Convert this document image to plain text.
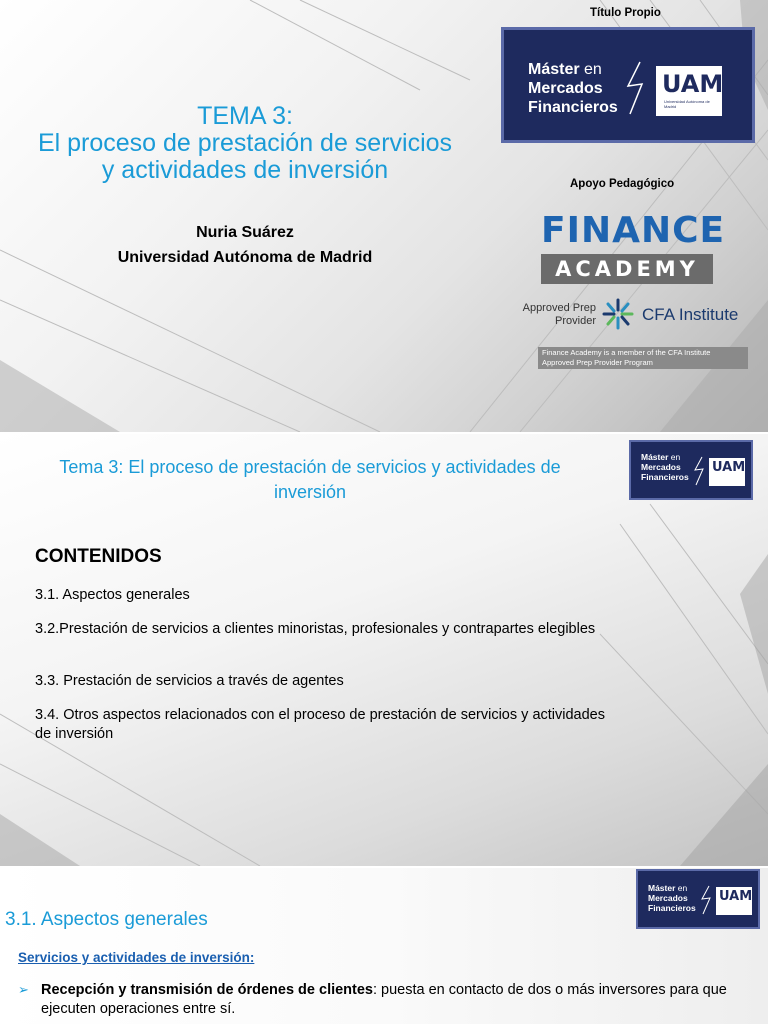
TEMA 3:
El proceso de prestación de servicios
y actividades de inversión
Nuria Suárez
Universidad Autónoma de Madrid
Título Propio
Máster en
Mercados
Financieros
UAM
Universidad Autónoma de Madrid
Apoyo Pedagógico
FINANCE
ACADEMY
Approved Prep
Provider	CFA Institute
Finance Academy is a member of the CFA Institute Approved Prep Provider Program
Tema 3: El proceso de prestación de servicios y actividades de
inversión
Máster en
Mercados
Financieros
UAM
CONTENIDOS
3.1. Aspectos generales
3.2.Prestación de servicios a clientes minoristas, profesionales y contrapartes elegibles
3.3. Prestación de servicios a través de agentes
3.4. Otros aspectos relacionados con el proceso de prestación de servicios y actividades de inversión
Máster en
Mercados
Financieros
UAM
3.1. Aspectos generales
Servicios y actividades de inversión:
➢ Recepción y transmisión de órdenes de clientes: puesta en contacto de dos o más inversores para que ejecuten operaciones entre sí.
